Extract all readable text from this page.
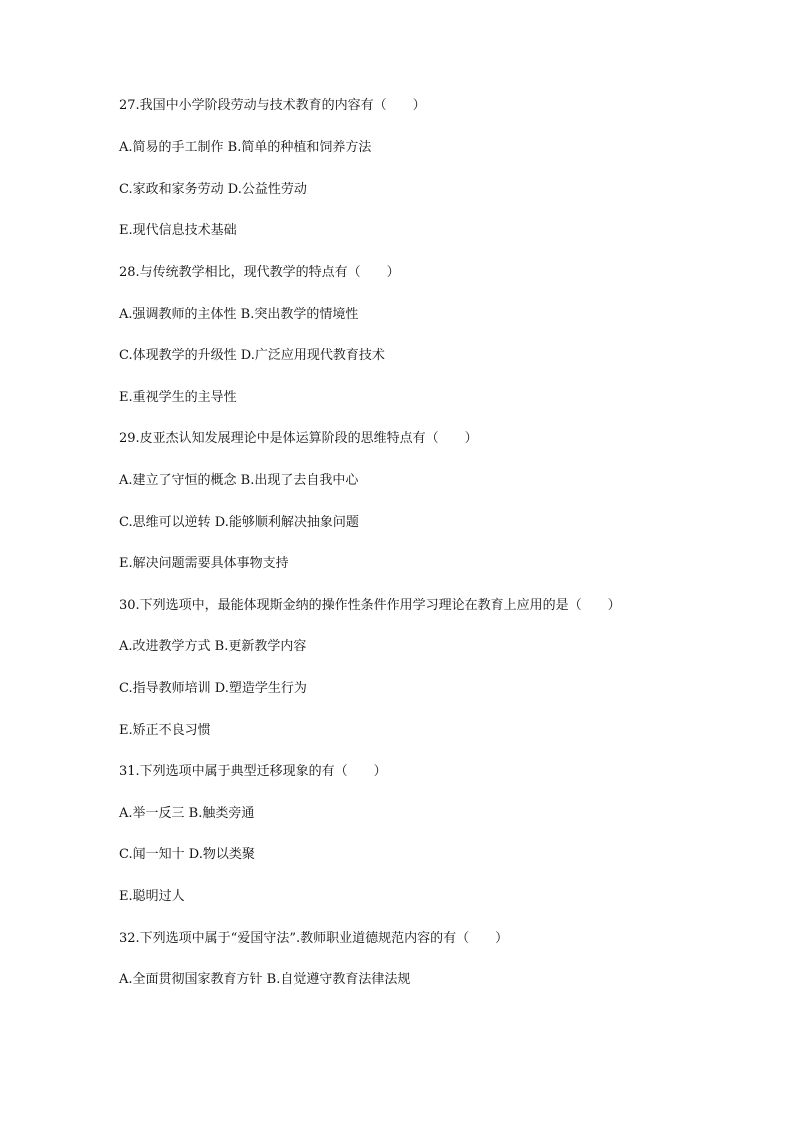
27.我国中小学阶段劳动与技术教育的内容有（　　）
A.简易的手工制作 B.简单的种植和饲养方法
C.家政和家务劳动 D.公益性劳动
E.现代信息技术基础
28.与传统教学相比，现代教学的特点有（　　）
A.强调教师的主体性 B.突出教学的情境性
C.体现教学的升级性 D.广泛应用现代教育技术
E.重视学生的主导性
29.皮亚杰认知发展理论中是体运算阶段的思维特点有（　　）
A.建立了守恒的概念 B.出现了去自我中心
C.思维可以逆转 D.能够顺利解决抽象问题
E.解决问题需要具体事物支持
30.下列选项中，最能体现斯金纳的操作性条件作用学习理论在教育上应用的是（　　）
A.改进教学方式 B.更新教学内容
C.指导教师培训 D.塑造学生行为
E.矫正不良习惯
31.下列选项中属于典型迁移现象的有（　　）
A.举一反三 B.触类旁通
C.闻一知十 D.物以类聚
E.聪明过人
32.下列选项中属于“爱国守法”.教师职业道德规范内容的有（　　）
A.全面贯彻国家教育方针 B.自觉遵守教育法律法规
